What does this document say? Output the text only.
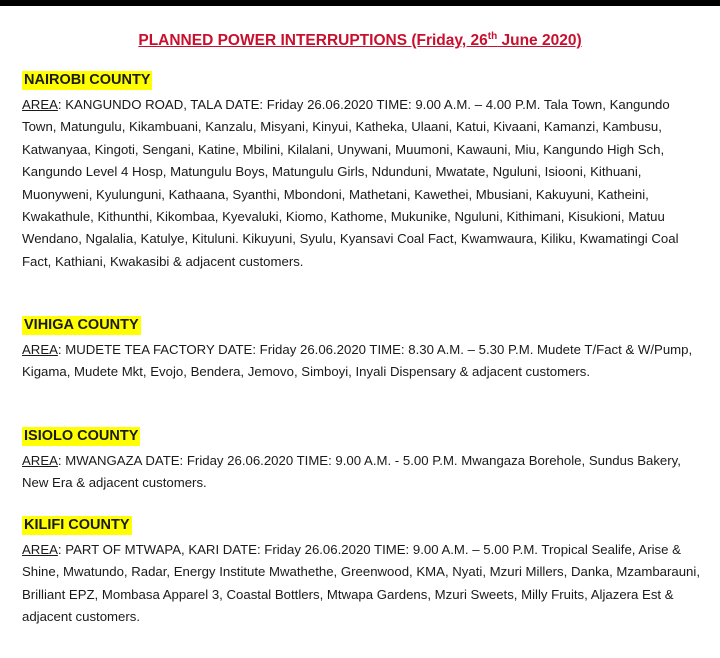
PLANNED POWER INTERRUPTIONS (Friday, 26th June 2020)
NAIROBI COUNTY

AREA: KANGUNDO ROAD, TALA DATE: Friday 26.06.2020 TIME: 9.00 A.M. – 4.00 P.M. Tala Town, Kangundo Town, Matungulu, Kikambuani, Kanzalu, Misyani, Kinyui, Katheka, Ulaani, Katui, Kivaani, Kamanzi, Kambusu, Katwanyaa, Kingoti, Sengani, Katine, Mbilini, Kilalani, Unywani, Muumoni, Kawauni, Miu, Kangundo High Sch, Kangundo Level 4 Hosp, Matungulu Boys, Matungulu Girls, Ndunduni, Mwatate, Nguluni, Isiooni, Kithuani, Muonyweni, Kyulunguni, Kathaana, Syanthi, Mbondoni, Mathetani, Kawethei, Mbusiani, Kakuyuni, Katheini, Kwakathule, Kithunthi, Kikombaa, Kyevaluki, Kiomo, Kathome, Mukunike, Nguluni, Kithimani, Kisukioni, Matuu Wendano, Ngalalia, Katulye, Kituluni. Kikuyuni, Syulu, Kyansavi Coal Fact, Kwamwaura, Kiliku, Kwamatingi Coal Fact, Kathiani, Kwakasibi & adjacent customers.

VIHIGA COUNTY

AREA: MUDETE TEA FACTORY DATE: Friday 26.06.2020 TIME: 8.30 A.M. – 5.30 P.M. Mudete T/Fact & W/Pump, Kigama, Mudete Mkt, Evojo, Bendera, Jemovo, Simboyi, Inyali Dispensary & adjacent customers.

ISIOLO COUNTY

AREA: MWANGAZA DATE: Friday 26.06.2020 TIME: 9.00 A.M. - 5.00 P.M. Mwangaza Borehole, Sundus Bakery, New Era & adjacent customers.

KILIFI COUNTY

AREA: PART OF MTWAPA, KARI DATE: Friday 26.06.2020 TIME: 9.00 A.M. – 5.00 P.M. Tropical Sealife, Arise & Shine, Mwatundo, Radar, Energy Institute Mwathethe, Greenwood, KMA, Nyati, Mzuri Millers, Danka, Mzambarauni, Brilliant EPZ, Mombasa Apparel 3, Coastal Bottlers, Mtwapa Gardens, Mzuri Sweets, Milly Fruits, Aljazera Est & adjacent customers.
